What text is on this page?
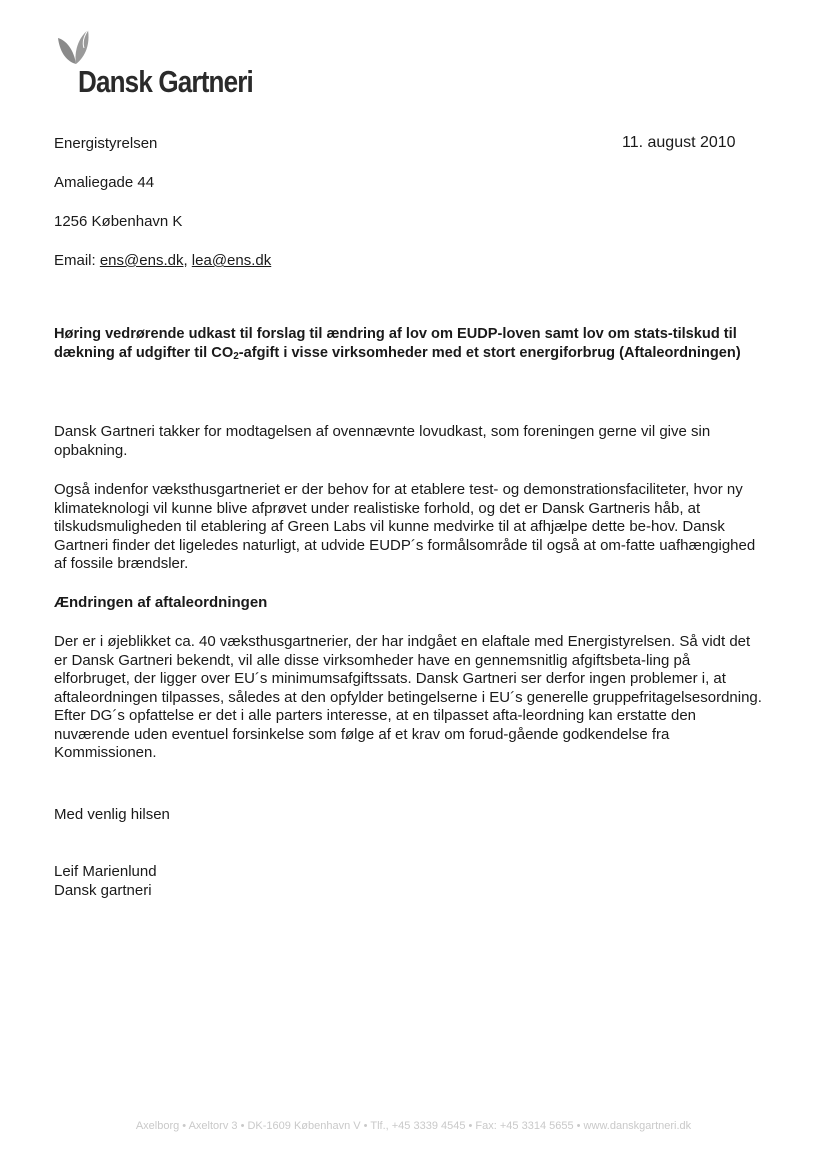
Dansk Gartneri
Energistyrelsen	11. august 2010
Amaliegade 44
1256 København K
Email: ens@ens.dk, lea@ens.dk
Høring vedrørende udkast til forslag til ændring af lov om EUDP-loven samt lov om stats-tilskud til dækning af udgifter til $CO_2$-afgift i visse virksomheder med et stort energiforbrug (Aftaleordningen)

Dansk Gartneri takker for modtagelsen af ovennævnte lovudkast, som foreningen gerne vil give sin opbakning.

Også indenfor væksthusgartneriet er der behov for at etablere test- og demonstrationsfaciliteter, hvor ny klimateknologi vil kunne blive afprøvet under realistiske forhold, og det er Dansk Gartneris håb, at tilskudsmuligheden til etablering af Green Labs vil kunne medvirke til at afhjælpe dette be-hov. Dansk Gartneri finder det ligeledes naturligt, at udvide EUDP´s formålsområde til også at om-fatte uafhængighed af fossile brændsler.

Ændringen af aftaleordningen

Der er i øjeblikket ca. 40 væksthusgartnerier, der har indgået en elaftale med Energistyrelsen. Så vidt det er Dansk Gartneri bekendt, vil alle disse virksomheder have en gennemsnitlig afgiftsbeta-ling på elforbruget, der ligger over EU´s minimumsafgiftssats. Dansk Gartneri ser derfor ingen problemer i, at aftaleordningen tilpasses, således at den opfylder betingelserne i EU´s generelle gruppefritagelsesordning. Efter DG´s opfattelse er det i alle parters interesse, at en tilpasset afta-leordning kan erstatte den nuværende uden eventuel forsinkelse som følge af et krav om forud-gående godkendelse fra Kommissionen.

Med venlig hilsen
Leif Marienlund
Dansk gartneri
Axelborg • Axeltorv 3 • DK-1609 København V • Tlf., +45 3339 4545 • Fax: +45 3314 5655 • www.danskgartneri.dk
